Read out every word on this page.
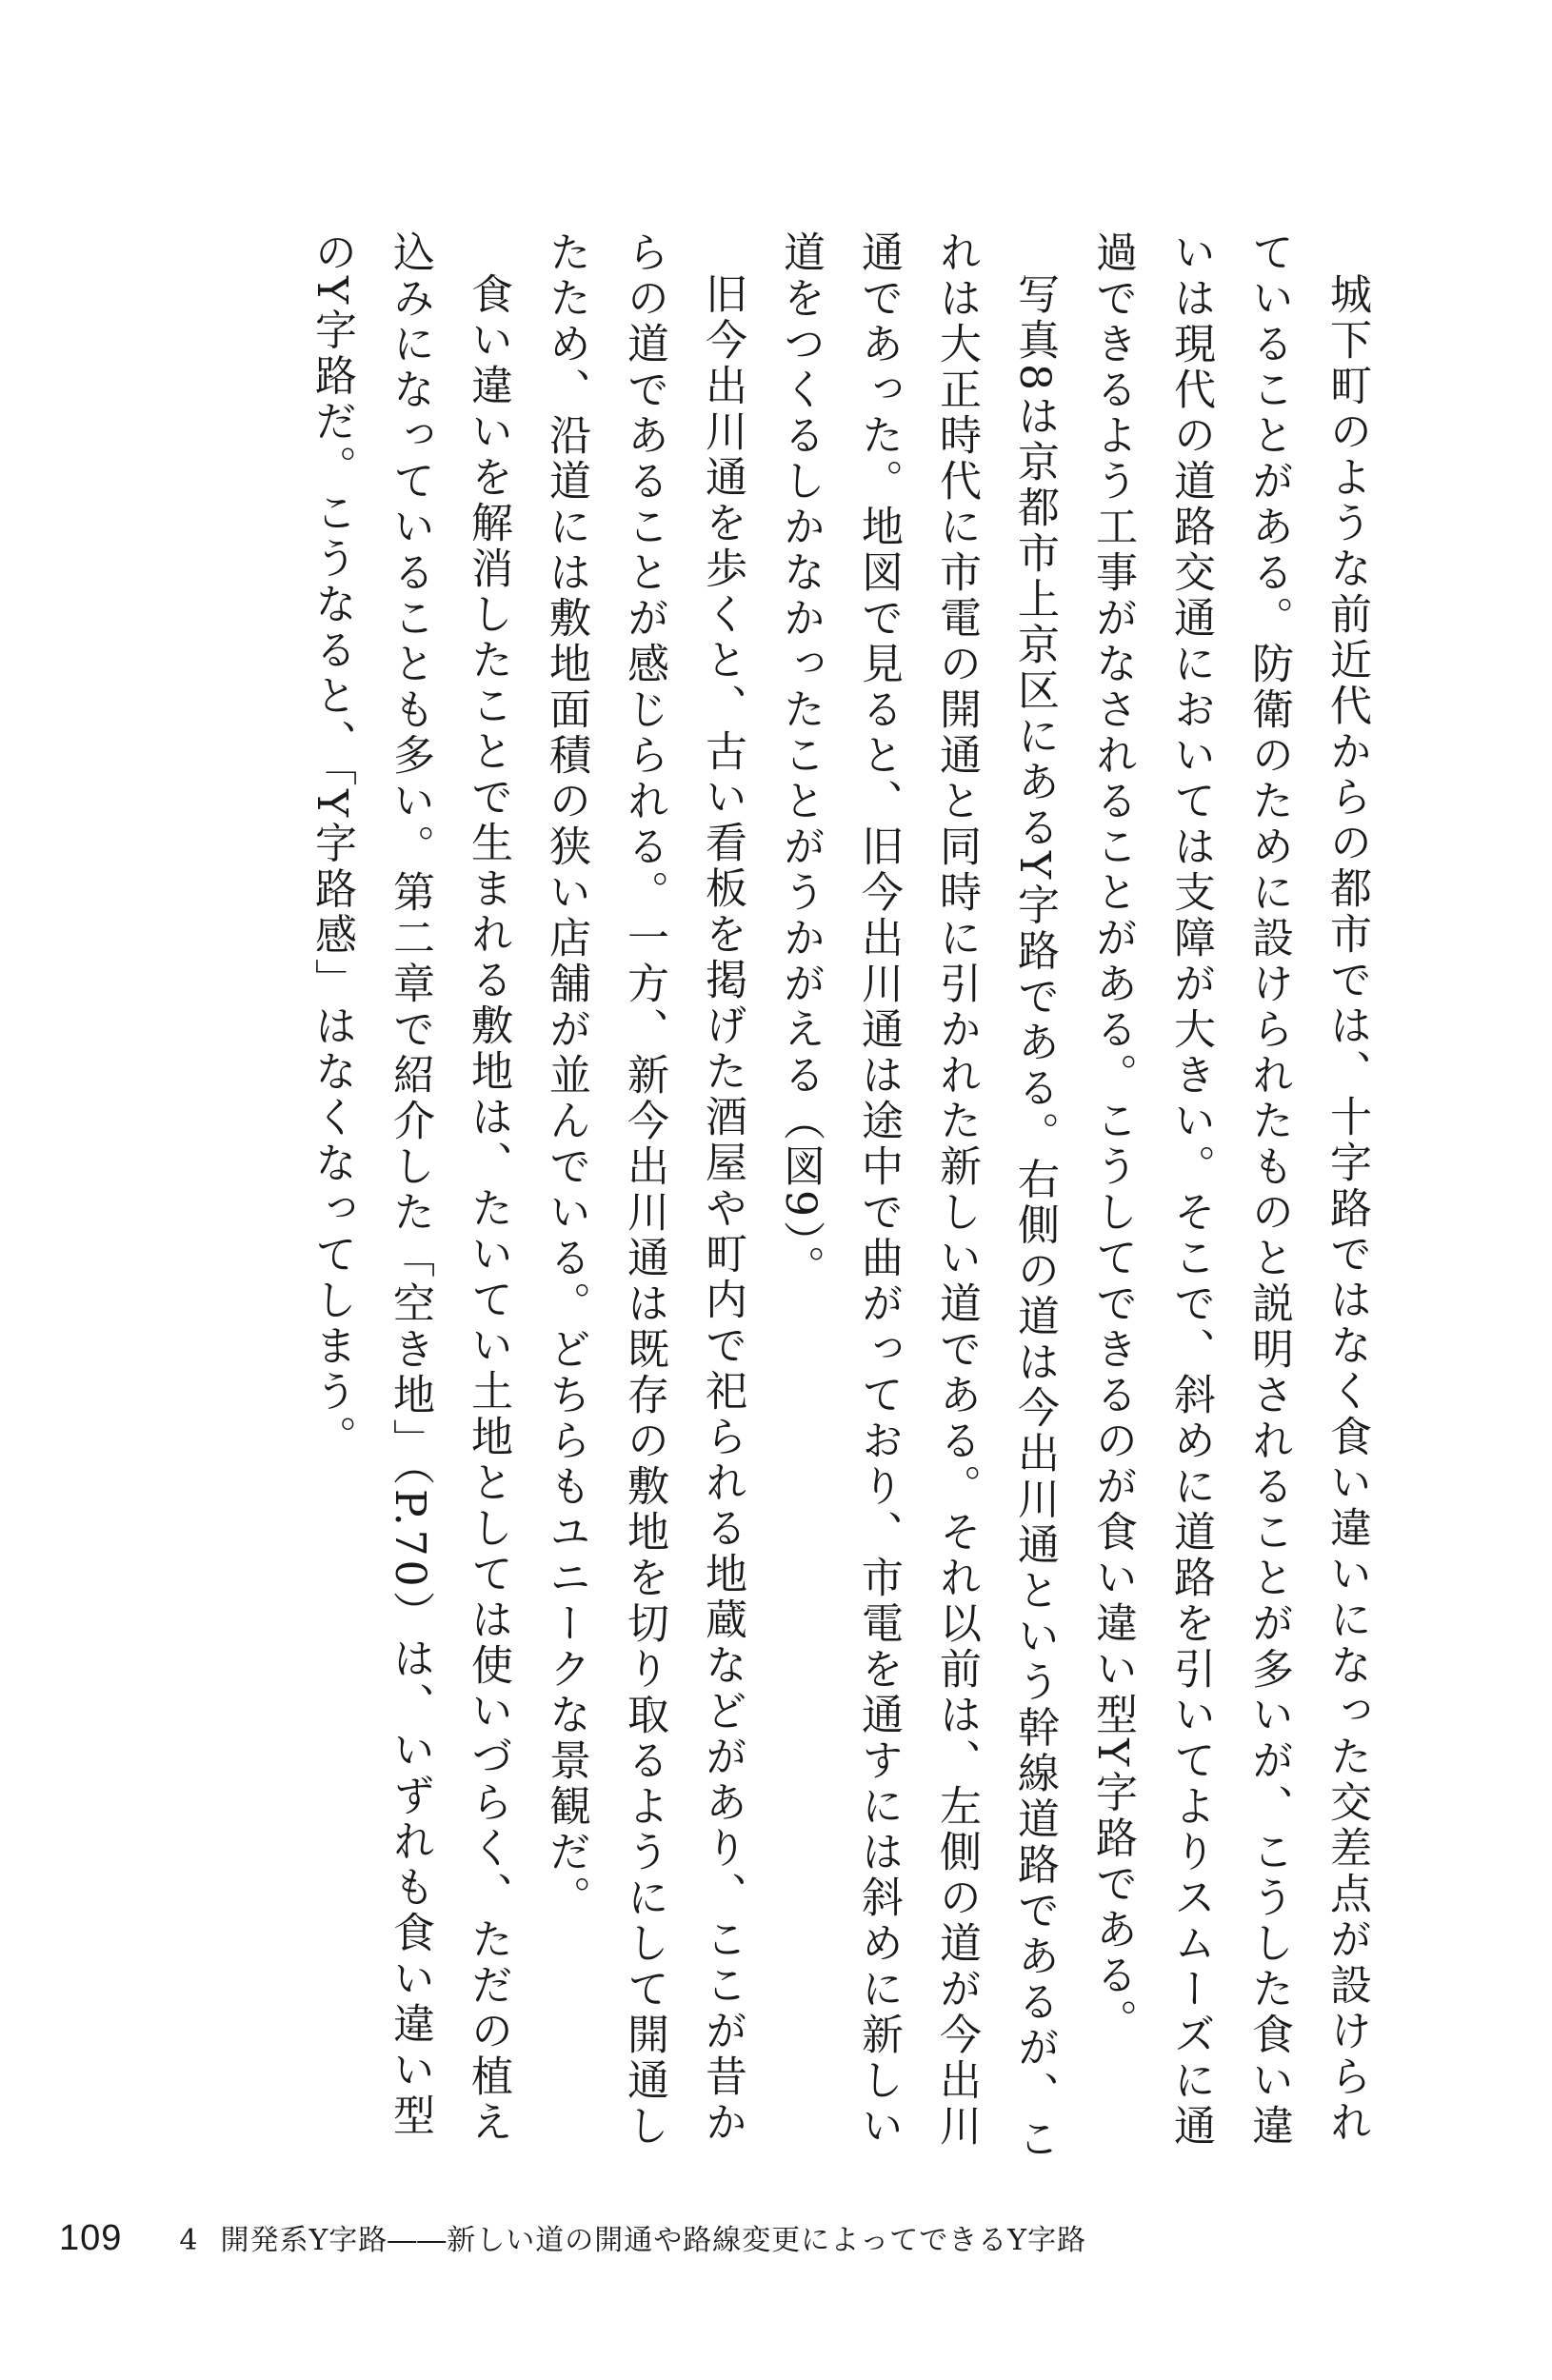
城下町のような前近代からの都市では、十字路ではなく食い違いになった交差点が設けられていることがある。防衛のために設けられたものと説明されることが多いが、こうした食い違いは現代の道路交通においては支障が大きい。そこで、斜めに道路を引いてよりスムーズに通過できるよう工事がなされることがある。こうしてできるのが食い違い型Y字路である。

写真8は京都市上京区にあるY字路である。右側の道は今出川通という幹線道路であるが、これは大正時代に市電の開通と同時に引かれた新しい道である。それ以前は、左側の道が今出川通であった。地図で見ると、旧今出川通は途中で曲がっており、市電を通すには斜めに新しい道をつくるしかなかったことがうかがえる（図9）。

旧今出川通を歩くと、古い看板を掲げた酒屋や町内で祀られる地蔵などがあり、ここが昔からの道であることが感じられる。一方、新今出川通は既存の敷地を切り取るようにして開通したため、沿道には敷地面積の狭い店舗が並んでいる。どちらもユニークな景観だ。

食い違いを解消したことで生まれる敷地は、たいてい土地としては使いづらく、ただの植え込みになっていることも多い。第二章で紹介した「空き地」（P.70）は、いずれも食い違い型のY字路だ。こうなると、「Y字路感」はなくなってしまう。

109 4 開発系Y字路――新しい道の開通や路線変更によってできるY字路
